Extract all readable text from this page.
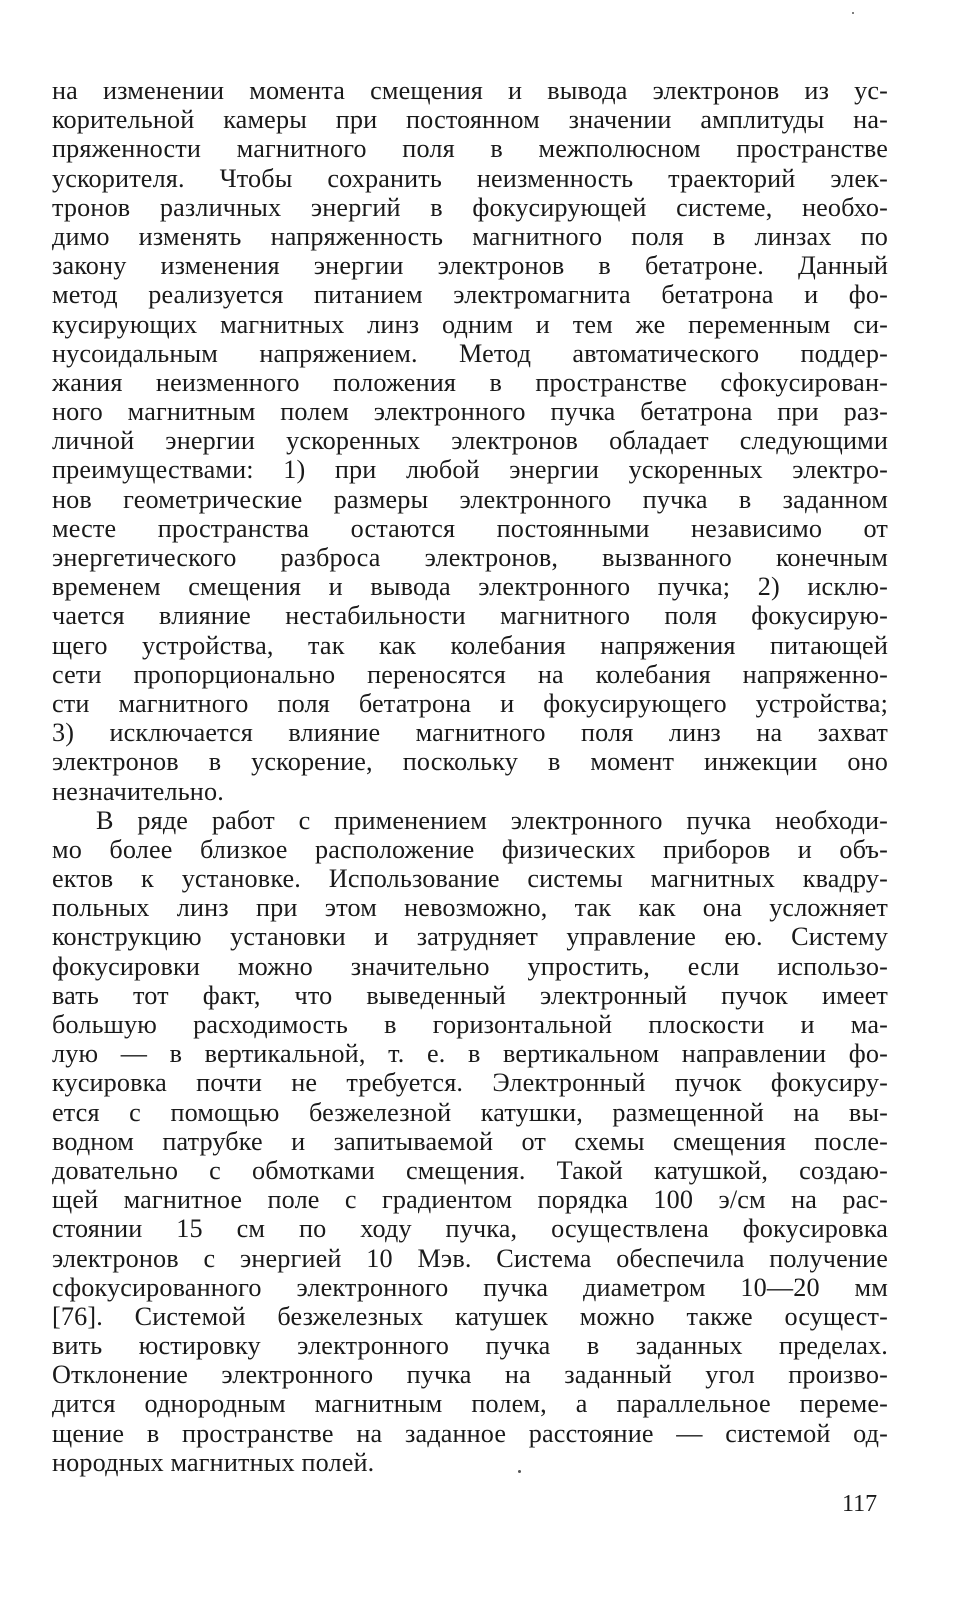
на изменении момента смещения и вывода электронов из ус-
корительной камеры при постоянном значении амплитуды на-
пряженности магнитного поля в межполюсном пространстве
ускорителя. Чтобы сохранить неизменность траекторий элек-
тронов различных энергий в фокусирующей системе, необхо-
димо изменять напряженность магнитного поля в линзах по
закону изменения энергии электронов в бетатроне. Данный
метод реализуется питанием электромагнита бетатрона и фо-
кусирующих магнитных линз одним и тем же переменным си-
нусоидальным напряжением. Метод автоматического поддер-
жания неизменного положения в пространстве сфокусирован-
ного магнитным полем электронного пучка бетатрона при раз-
личной энергии ускоренных электронов обладает следующими
преимуществами: 1) при любой энергии ускоренных электро-
нов геометрические размеры электронного пучка в заданном
месте пространства остаются постоянными независимо от
энергетического разброса электронов, вызванного конечным
временем смещения и вывода электронного пучка; 2) исклю-
чается влияние нестабильности магнитного поля фокусирую-
щего устройства, так как колебания напряжения питающей
сети пропорционально переносятся на колебания напряженно-
сти магнитного поля бетатрона и фокусирующего устройства;
3) исключается влияние магнитного поля линз на захват
электронов в ускорение, поскольку в момент инжекции оно
незначительно.
В ряде работ с применением электронного пучка необходи-
мо более близкое расположение физических приборов и объ-
ектов к установке. Использование системы магнитных квадру-
польных линз при этом невозможно, так как она усложняет
конструкцию установки и затрудняет управление ею. Систему
фокусировки можно значительно упростить, если использо-
вать тот факт, что выведенный электронный пучок имеет
большую расходимость в горизонтальной плоскости и ма-
лую — в вертикальной, т. е. в вертикальном направлении фо-
кусировка почти не требуется. Электронный пучок фокусиру-
ется с помощью безжелезной катушки, размещенной на вы-
водном патрубке и запитываемой от схемы смещения после-
довательно с обмотками смещения. Такой катушкой, создаю-
щей магнитное поле с градиентом порядка 100 э/см на рас-
стоянии 15 см по ходу пучка, осуществлена фокусировка
электронов с энергией 10 Мэв. Система обеспечила получение
сфокусированного электронного пучка диаметром 10—20 мм
[76]. Системой безжелезных катушек можно также осущест-
вить юстировку электронного пучка в заданных пределах.
Отклонение электронного пучка на заданный угол произво-
дится однородным магнитным полем, а параллельное переме-
щение в пространстве на заданное расстояние — системой од-
нородных магнитных полей.
117
